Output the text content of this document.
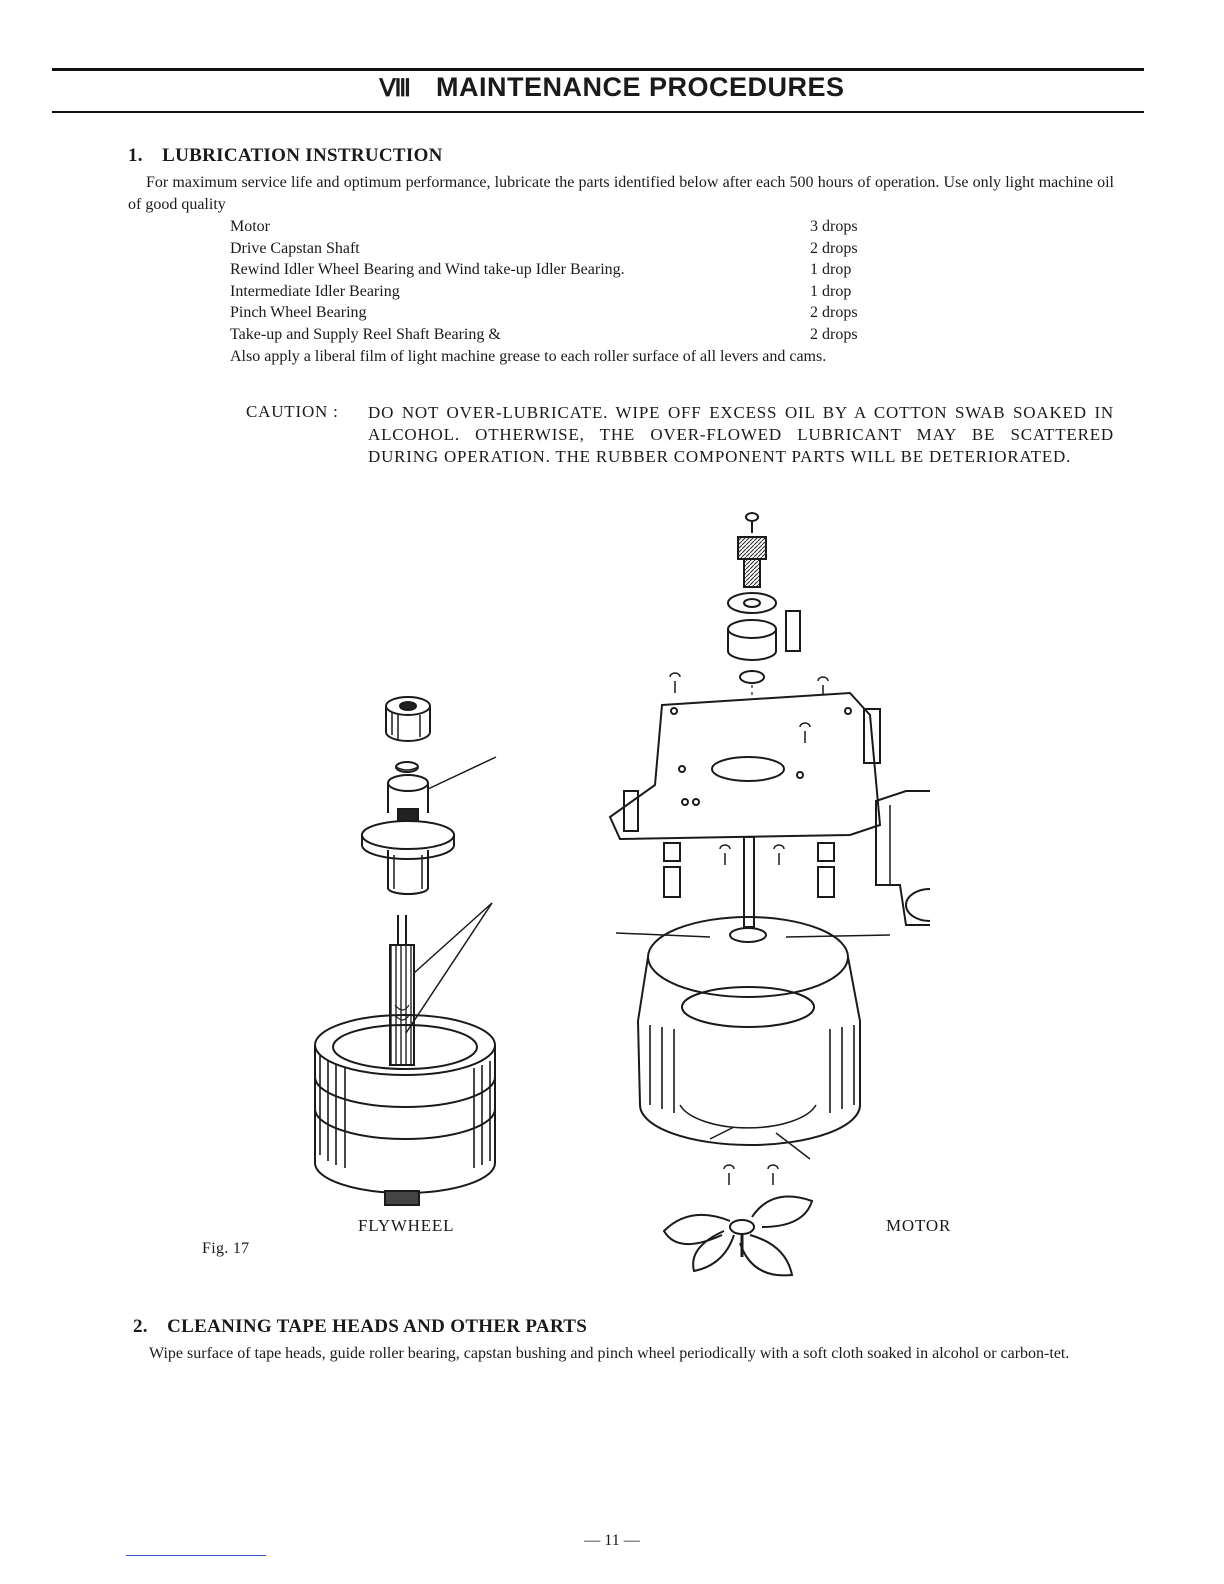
Ⅷ MAINTENANCE PROCEDURES
1. LUBRICATION INSTRUCTION
For maximum service life and optimum performance, lubricate the parts identified below after each 500 hours of operation. Use only light machine oil of good quality
Motor	3 drops
Drive Capstan Shaft	2 drops
Rewind Idler Wheel Bearing and Wind take-up Idler Bearing.	1 drop
Intermediate Idler Bearing	1 drop
Pinch Wheel Bearing	2 drops
Take-up and Supply Reel Shaft Bearing &	2 drops
Also apply a liberal film of light machine grease to each roller surface of all levers and cams.
CAUTION : DO NOT OVER-LUBRICATE. WIPE OFF EXCESS OIL BY A COTTON SWAB SOAKED IN ALCOHOL. OTHERWISE, THE OVER-FLOWED LUBRICANT MAY BE SCATTERED DURING OPERATION. THE RUBBER COMPONENT PARTS WILL BE DETERIORATED.
FLYWHEEL	MOTOR
Fig. 17
2. CLEANING TAPE HEADS AND OTHER PARTS
Wipe surface of tape heads, guide roller bearing, capstan bushing and pinch wheel periodically with a soft cloth soaked in alcohol or carbon-tet.
— 11 —
